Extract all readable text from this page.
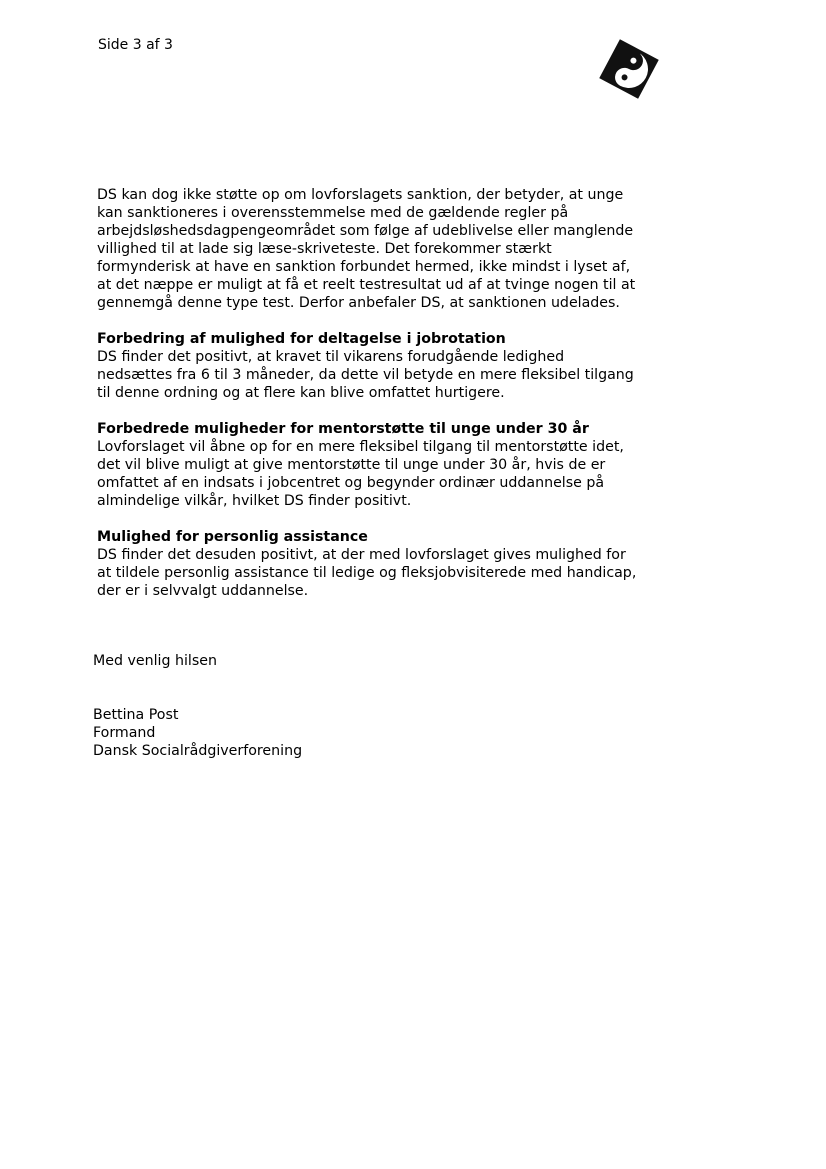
Side 3 af 3

DS kan dog ikke støtte op om lovforslagets sanktion, der betyder, at unge kan sanktioneres i overensstemmelse med de gældende regler på arbejdsløshedsdagpengeområdet som følge af udeblivelse eller manglende villighed til at lade sig læse-skriveteste. Det forekommer stærkt formynderisk at have en sanktion forbundet hermed, ikke mindst i lyset af, at det næppe er muligt at få et reelt testresultat ud af at tvinge nogen til at gennemgå denne type test. Derfor anbefaler DS, at sanktionen udelades.

Forbedring af mulighed for deltagelse i jobrotation
DS finder det positivt, at kravet til vikarens forudgående ledighed nedsættes fra 6 til 3 måneder, da dette vil betyde en mere fleksibel tilgang til denne ordning og at flere kan blive omfattet hurtigere.

Forbedrede muligheder for mentorstøtte til unge under 30 år
Lovforslaget vil åbne op for en mere fleksibel tilgang til mentorstøtte idet, det vil blive muligt at give mentorstøtte til unge under 30 år, hvis de er omfattet af en indsats i jobcentret og begynder ordinær uddannelse på almindelige vilkår, hvilket DS finder positivt.

Mulighed for personlig assistance
DS finder det desuden positivt, at der med lovforslaget gives mulighed for at tildele personlig assistance til ledige og fleksjobvisiterede med handicap, der er i selvvalgt uddannelse.

Med venlig hilsen
Bettina Post
Formand
Dansk Socialrådgiverforening
